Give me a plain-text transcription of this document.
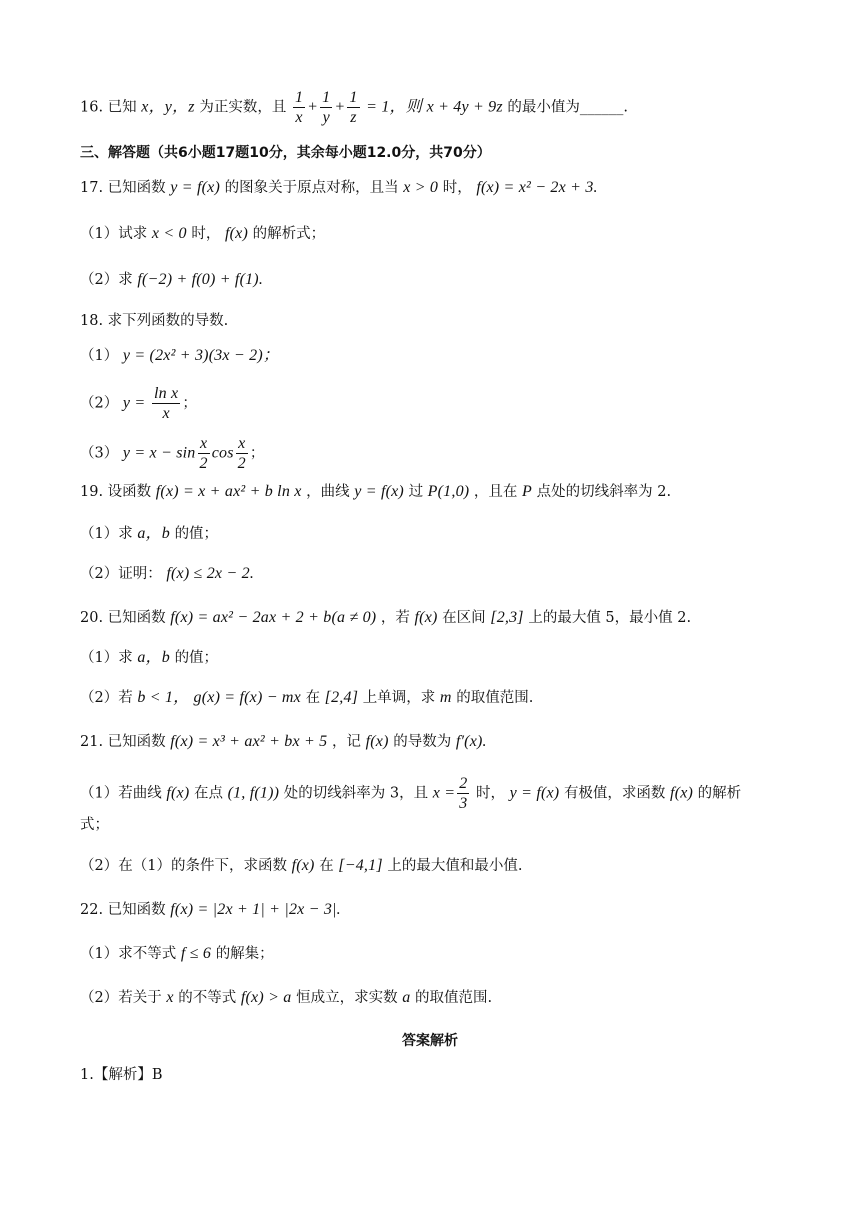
16. 已知 x，y，z 为正实数，且 $\frac{1}{x} + \frac{1}{y} + \frac{1}{z} = 1$，则 x + 4y + 9z 的最小值为______.
三、解答题（共6小题17题10分，其余每小题12.0分，共70分）
17. 已知函数 y = f(x) 的图象关于原点对称，且当 x > 0 时， f(x) = x² − 2x + 3.
（1）试求 x < 0 时， f(x) 的解析式；
（2）求 f(−2) + f(0) + f(1).
18. 求下列函数的导数.
（1） y = (2x² + 3)(3x − 2)；
（2） $y = \frac{\text{ln x}}{x}$ ；
（3） $y = x - \sin \frac{x}{2}$ $\cos \frac{x}{2}$ ；
19. 设函数 f(x) = x + ax² + b ln x ，曲线 y = f(x) 过 P(1,0) ，且在 P 点处的切线斜率为 2.
（1）求 a，b 的值；
（2）证明： f(x) ≤ 2x − 2.
20. 已知函数 f(x) = ax² − 2ax + 2 + b(a ≠ 0) ，若 f(x) 在区间 [2,3] 上的最大值 5，最小值 2.
（1）求 a，b 的值；
（2）若 b < 1， g(x) = f(x) − mx 在 [2,4] 上单调，求 m 的取值范围.
21. 已知函数 f(x) = x³ + ax² + bx + 5 ，记 f(x) 的导数为 f′(x).
（1）若曲线 f(x) 在点 (1, f(1)) 处的切线斜率为 3，且 $x = \frac{2}{3}$ 时， y = f(x) 有极值，求函数 f(x) 的解析
式；
（2）在（1）的条件下，求函数 f(x) 在 [−4,1] 上的最大值和最小值.
22. 已知函数 f(x) = |2x + 1| + |2x − 3|.
（1）求不等式 f ≤ 6 的解集；
（2）若关于 x 的不等式 f(x) > a 恒成立，求实数 a 的取值范围.
答案解析
1.【解析】B
